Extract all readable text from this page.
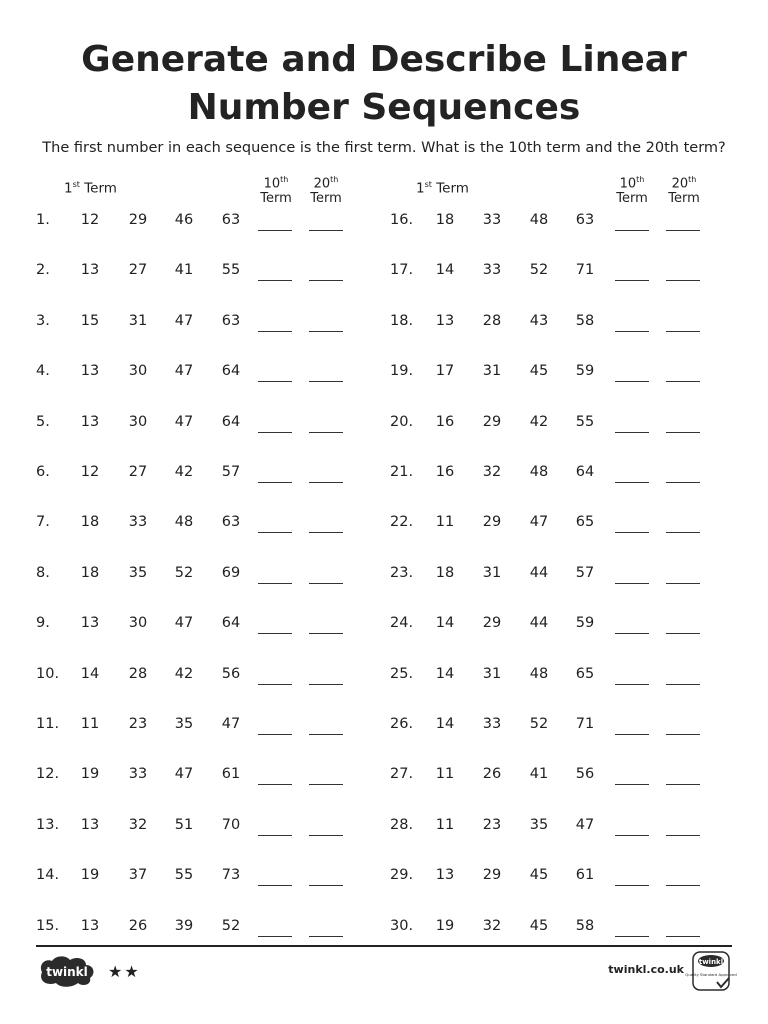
Generate and Describe Linear
Number Sequences
The first number in each sequence is the first term. What is the 10th term and the 20th term?
1st Term	10th
Term
20th
Term
1st Term	10th
Term
20th
Term
1.	12	29	46	63
2.	13	27	41	55
3.	15	31	47	63
4.	13	30	47	64
5.	13	30	47	64
6.	12	27	42	57
7.	18	33	48	63
8.	18	35	52	69
9.	13	30	47	64
10.	14	28	42	56
11.	11	23	35	47
12.	19	33	47	61
13.	13	32	51	70
14.	19	37	55	73
15.	13	26	39	52
16.	18	33	48	63
17.	14	33	52	71
18.	13	28	43	58
19.	17	31	45	59
20.	16	29	42	55
21.	16	32	48	64
22.	11	29	47	65
23.	18	31	44	57
24.	14	29	44	59
25.	14	31	48	65
26.	14	33	52	71
27.	11	26	41	56
28.	11	23	35	47
29.	13	29	45	61
30.	19	32	45	58
twinkl ★★	twinkl.co.uk
twinkl
Quality Standard Approved
